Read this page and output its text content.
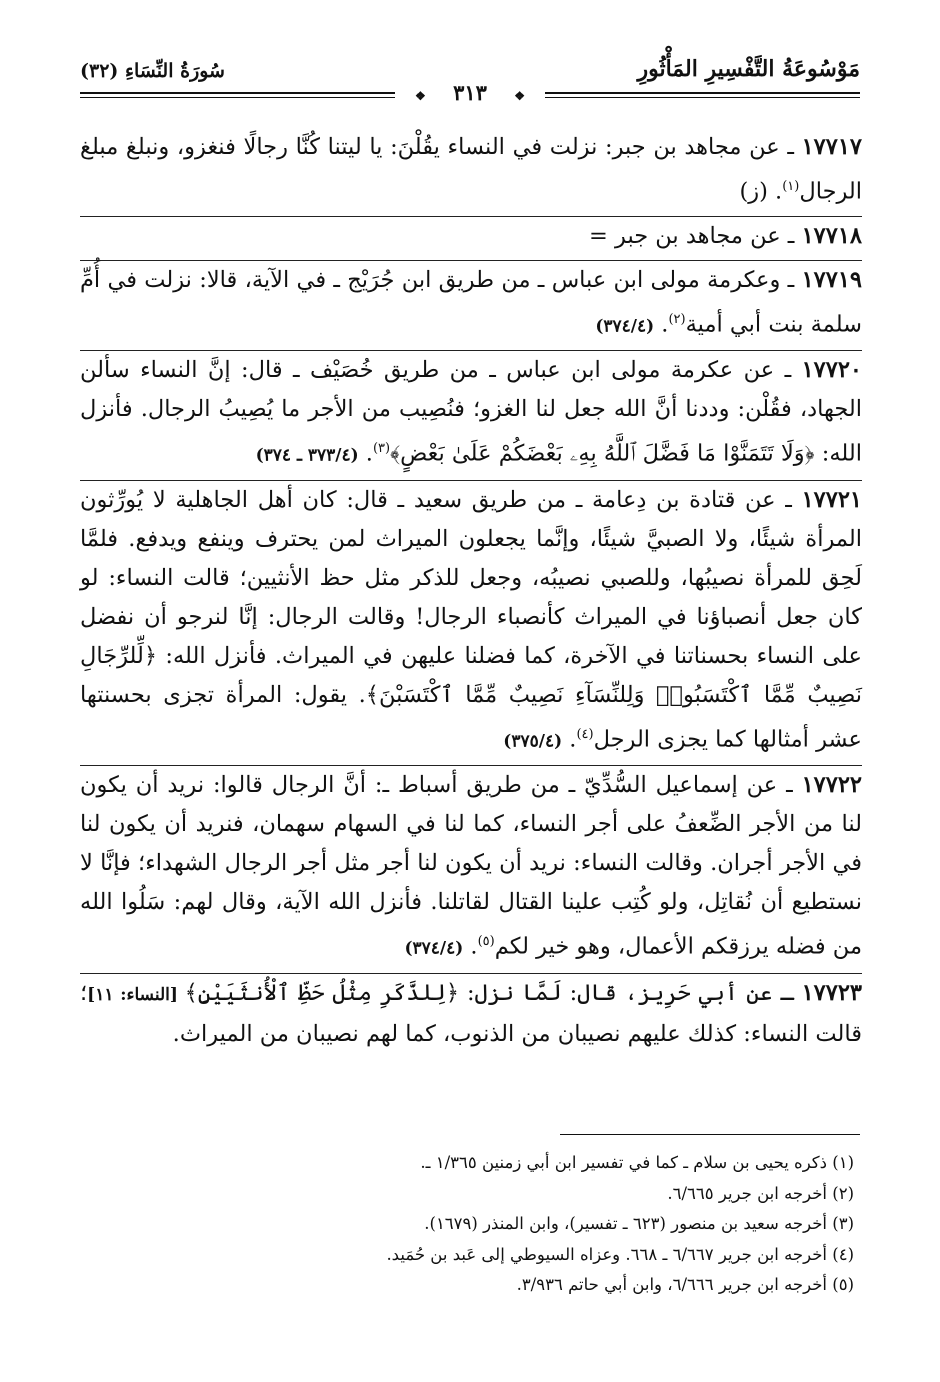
مَوْسُوعَةُ التَّفْسِيرِ المَأْثُورِ
سُورَةُ النِّسَاءِ (٣٢)
❖ ٣١٣ ❖

١٧٧١٧ ـ عن مجاهد بن جبر: نزلت في النساء يقُلْنَ: يا ليتنا كُنَّا رجالًا فنغزو، ونبلغ مبلغ الرجال$^{(١)}$. (ز)

١٧٧١٨ ـ عن مجاهد بن جبر =

١٧٧١٩ ـ وعكرمة مولى ابن عباس ـ من طريق ابن جُرَيْج ـ في الآية، قالا: نزلت في أُمِّ سلمة بنت أبي أمية$^{(٢)}$. (٣٧٤/٤)

١٧٧٢٠ ـ عن عكرمة مولى ابن عباس ـ من طريق خُصَيْف ـ قال: إنَّ النساء سألن الجهاد، فقُلْن: وددنا أنَّ الله جعل لنا الغزو؛ فنُصِيب من الأجر ما يُصِيبُ الرجال. فأنزل الله: ﴿وَلَا تَتَمَنَّوْا مَا فَضَّلَ ٱللَّهُ بِهِۦ بَعْضَكُمْ عَلَىٰ بَعْضٍ﴾$^{(٣)}$. (٣٧٣/٤ ـ ٣٧٤)

١٧٧٢١ ـ عن قتادة بن دِعامة ـ من طريق سعيد ـ قال: كان أهل الجاهلية لا يُورِّثون المرأة شيئًا، ولا الصبيَّ شيئًا، وإنَّما يجعلون الميراث لمن يحترف وينفع ويدفع. فلمَّا لَحِق للمرأة نصيبُها، وللصبي نصيبُه، وجعل للذكر مثل حظ الأنثيين؛ قالت النساء: لو كان جعل أنصباؤنا في الميراث كأنصباء الرجال! وقالت الرجال: إنَّا لنرجو أن نفضل على النساء بحسناتنا في الآخرة، كما فضلنا عليهن في الميراث. فأنزل الله: ﴿لِّلرِّجَالِ نَصِيبٌ مِّمَّا ٱكْتَسَبُوا۟ وَلِلنِّسَآءِ نَصِيبٌ مِّمَّا ٱكْتَسَبْنَ﴾. يقول: المرأة تجزى بحسنتها عشر أمثالها كما يجزى الرجل$^{(٤)}$. (٣٧٥/٤)

١٧٧٢٢ ـ عن إسماعيل السُّدِّيّ ـ من طريق أسباط ـ: أنَّ الرجال قالوا: نريد أن يكون لنا من الأجر الضِّعفُ على أجر النساء، كما لنا في السهام سهمان، فنريد أن يكون لنا في الأجر أجران. وقالت النساء: نريد أن يكون لنا أجر مثل أجر الرجال الشهداء؛ فإنَّا لا نستطيع أن نُقاتِل، ولو كُتِب علينا القتال لقاتلنا. فأنزل الله الآية، وقال لهم: سَلُوا الله من فضله يرزقكم الأعمال، وهو خير لكم$^{(٥)}$. (٣٧٤/٤)

١٧٧٢٣ ـ عن أبي حَرِيز، قال: لَمَّا نزل: ﴿لِلذَّكَرِ مِثْلُ حَظِّ ٱلْأُنثَيَيْنِ﴾ [النساء: ١١]؛ قالت النساء: كذلك عليهم نصيبان من الذنوب، كما لهم نصيبان من الميراث.

(١) ذكره يحيى بن سلام ـ كما في تفسير ابن أبي زمنين ١/٣٦٥ ـ.
(٢) أخرجه ابن جرير ٦/٦٦٥.
(٣) أخرجه سعيد بن منصور (٦٢٣ ـ تفسير)، وابن المنذر (١٦٧٩).
(٤) أخرجه ابن جرير ٦/٦٦٧ ـ ٦٦٨. وعزاه السيوطي إلى عَبد بن حُمَيد.
(٥) أخرجه ابن جرير ٦/٦٦٦، وابن أبي حاتم ٣/٩٣٦.
